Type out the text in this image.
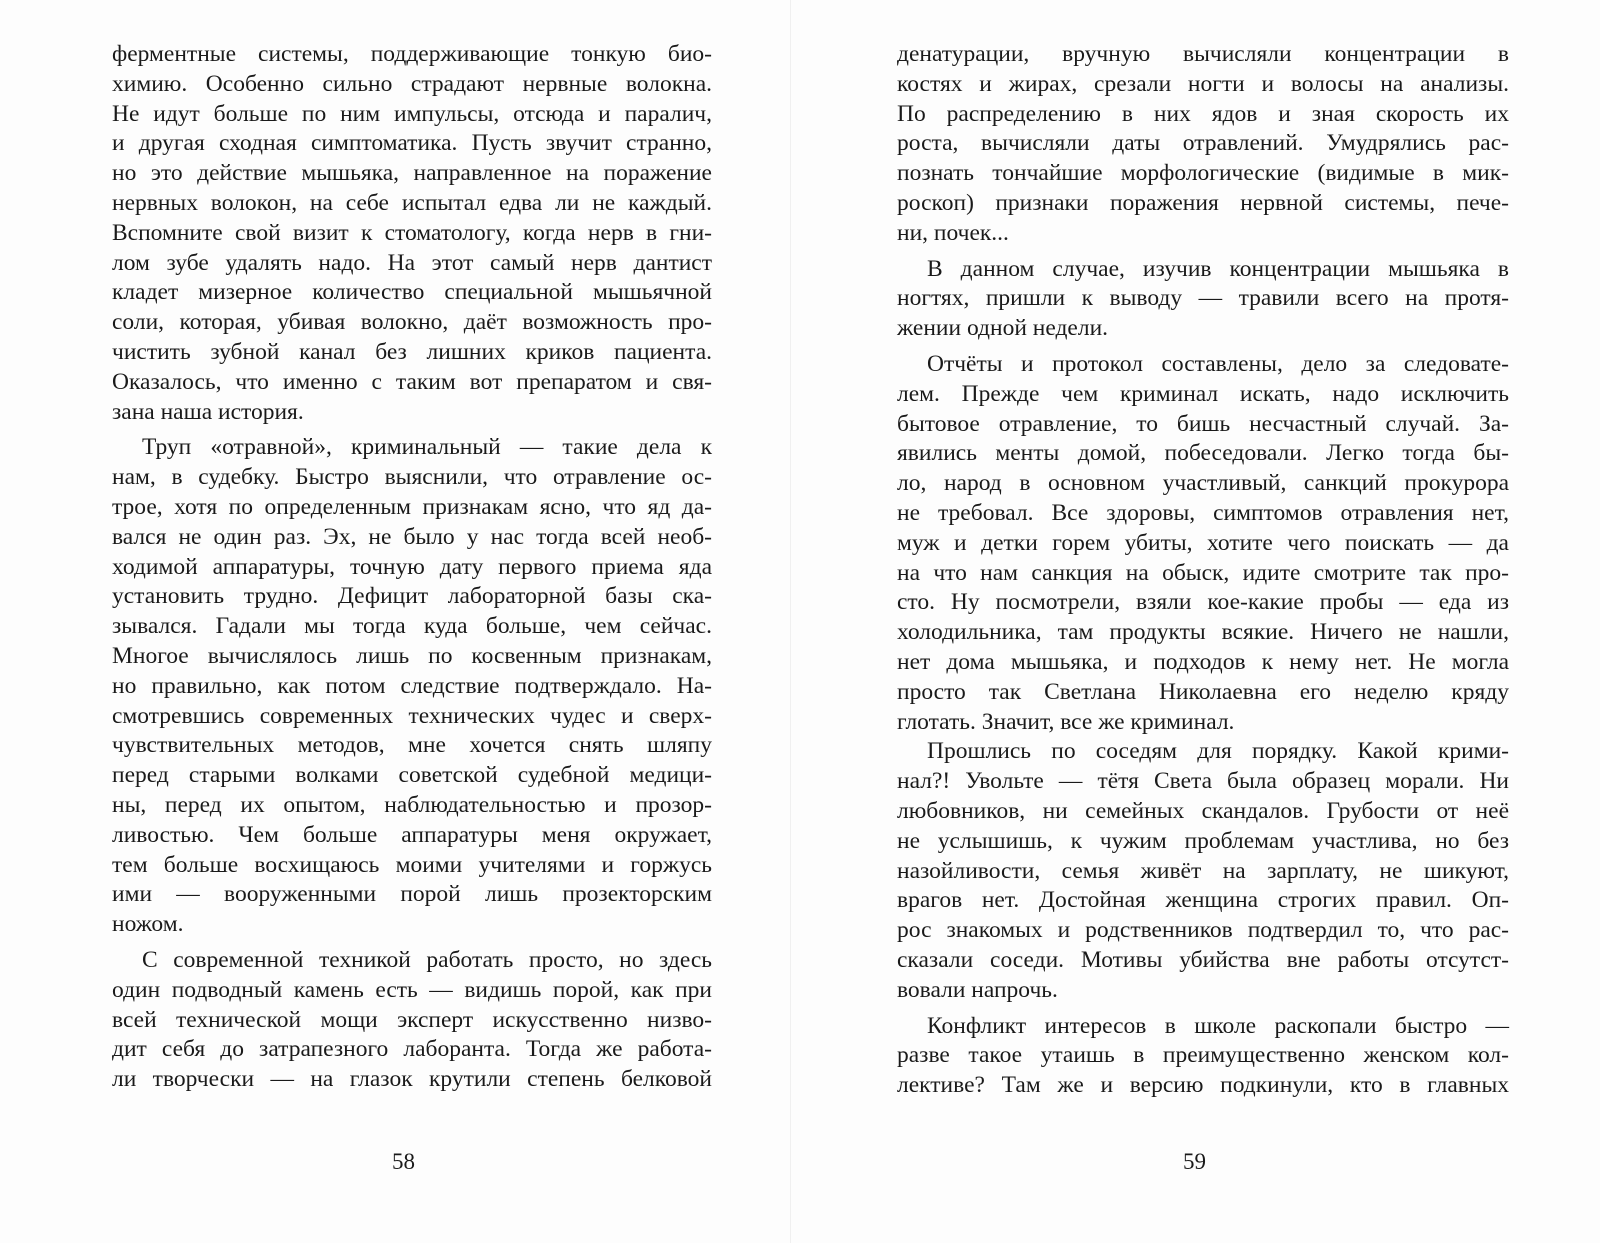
ферментные системы, поддерживающие тонкую био-
химию. Особенно сильно страдают нервные волокна.
Не идут больше по ним импульсы, отсюда и паралич,
и другая сходная симптоматика. Пусть звучит странно,
но это действие мышьяка, направленное на поражение
нервных волокон, на себе испытал едва ли не каждый.
Вспомните свой визит к стоматологу, когда нерв в гни-
лом зубе удалять надо. На этот самый нерв дантист
кладет мизерное количество специальной мышьячной
соли, которая, убивая волокно, даёт возможность про-
чистить зубной канал без лишних криков пациента.
Оказалось, что именно с таким вот препаратом и свя-
зана наша история.
Труп «отравной», криминальный — такие дела к
нам, в судебку. Быстро выяснили, что отравление ос-
трое, хотя по определенным признакам ясно, что яд да-
вался не один раз. Эх, не было у нас тогда всей необ-
ходимой аппаратуры, точную дату первого приема яда
установить трудно. Дефицит лабораторной базы ска-
зывался. Гадали мы тогда куда больше, чем сейчас.
Многое вычислялось лишь по косвенным признакам,
но правильно, как потом следствие подтверждало. На-
смотревшись современных технических чудес и сверх-
чувствительных методов, мне хочется снять шляпу
перед старыми волками советской судебной медици-
ны, перед их опытом, наблюдательностью и прозор-
ливостью. Чем больше аппаратуры меня окружает,
тем больше восхищаюсь моими учителями и горжусь
ими — вооруженными порой лишь прозекторским
ножом.
С современной техникой работать просто, но здесь
один подводный камень есть — видишь порой, как при
всей технической мощи эксперт искусственно низво-
дит себя до затрапезного лаборанта. Тогда же работа-
ли творчески — на глазок крутили степень белковой
денатурации, вручную вычисляли концентрации в
костях и жирах, срезали ногти и волосы на анализы.
По распределению в них ядов и зная скорость их
роста, вычисляли даты отравлений. Умудрялись рас-
познать тончайшие морфологические (видимые в мик-
роскоп) признаки поражения нервной системы, пече-
ни, почек...
В данном случае, изучив концентрации мышьяка в
ногтях, пришли к выводу — травили всего на протя-
жении одной недели.
Отчёты и протокол составлены, дело за следовате-
лем. Прежде чем криминал искать, надо исключить
бытовое отравление, то бишь несчастный случай. За-
явились менты домой, побеседовали. Легко тогда бы-
ло, народ в основном участливый, санкций прокурора
не требовал. Все здоровы, симптомов отравления нет,
муж и детки горем убиты, хотите чего поискать — да
на что нам санкция на обыск, идите смотрите так про-
сто. Ну посмотрели, взяли кое-какие пробы — еда из
холодильника, там продукты всякие. Ничего не нашли,
нет дома мышьяка, и подходов к нему нет. Не могла
просто так Светлана Николаевна его неделю кряду
глотать. Значит, все же криминал.
Прошлись по соседям для порядку. Какой крими-
нал?! Увольте — тётя Света была образец морали. Ни
любовников, ни семейных скандалов. Грубости от неё
не услышишь, к чужим проблемам участлива, но без
назойливости, семья живёт на зарплату, не шикуют,
врагов нет. Достойная женщина строгих правил. Оп-
рос знакомых и родственников подтвердил то, что рас-
сказали соседи. Мотивы убийства вне работы отсутст-
вовали напрочь.
Конфликт интересов в школе раскопали быстро —
разве такое утаишь в преимущественно женском кол-
лективе? Там же и версию подкинули, кто в главных
58	59
